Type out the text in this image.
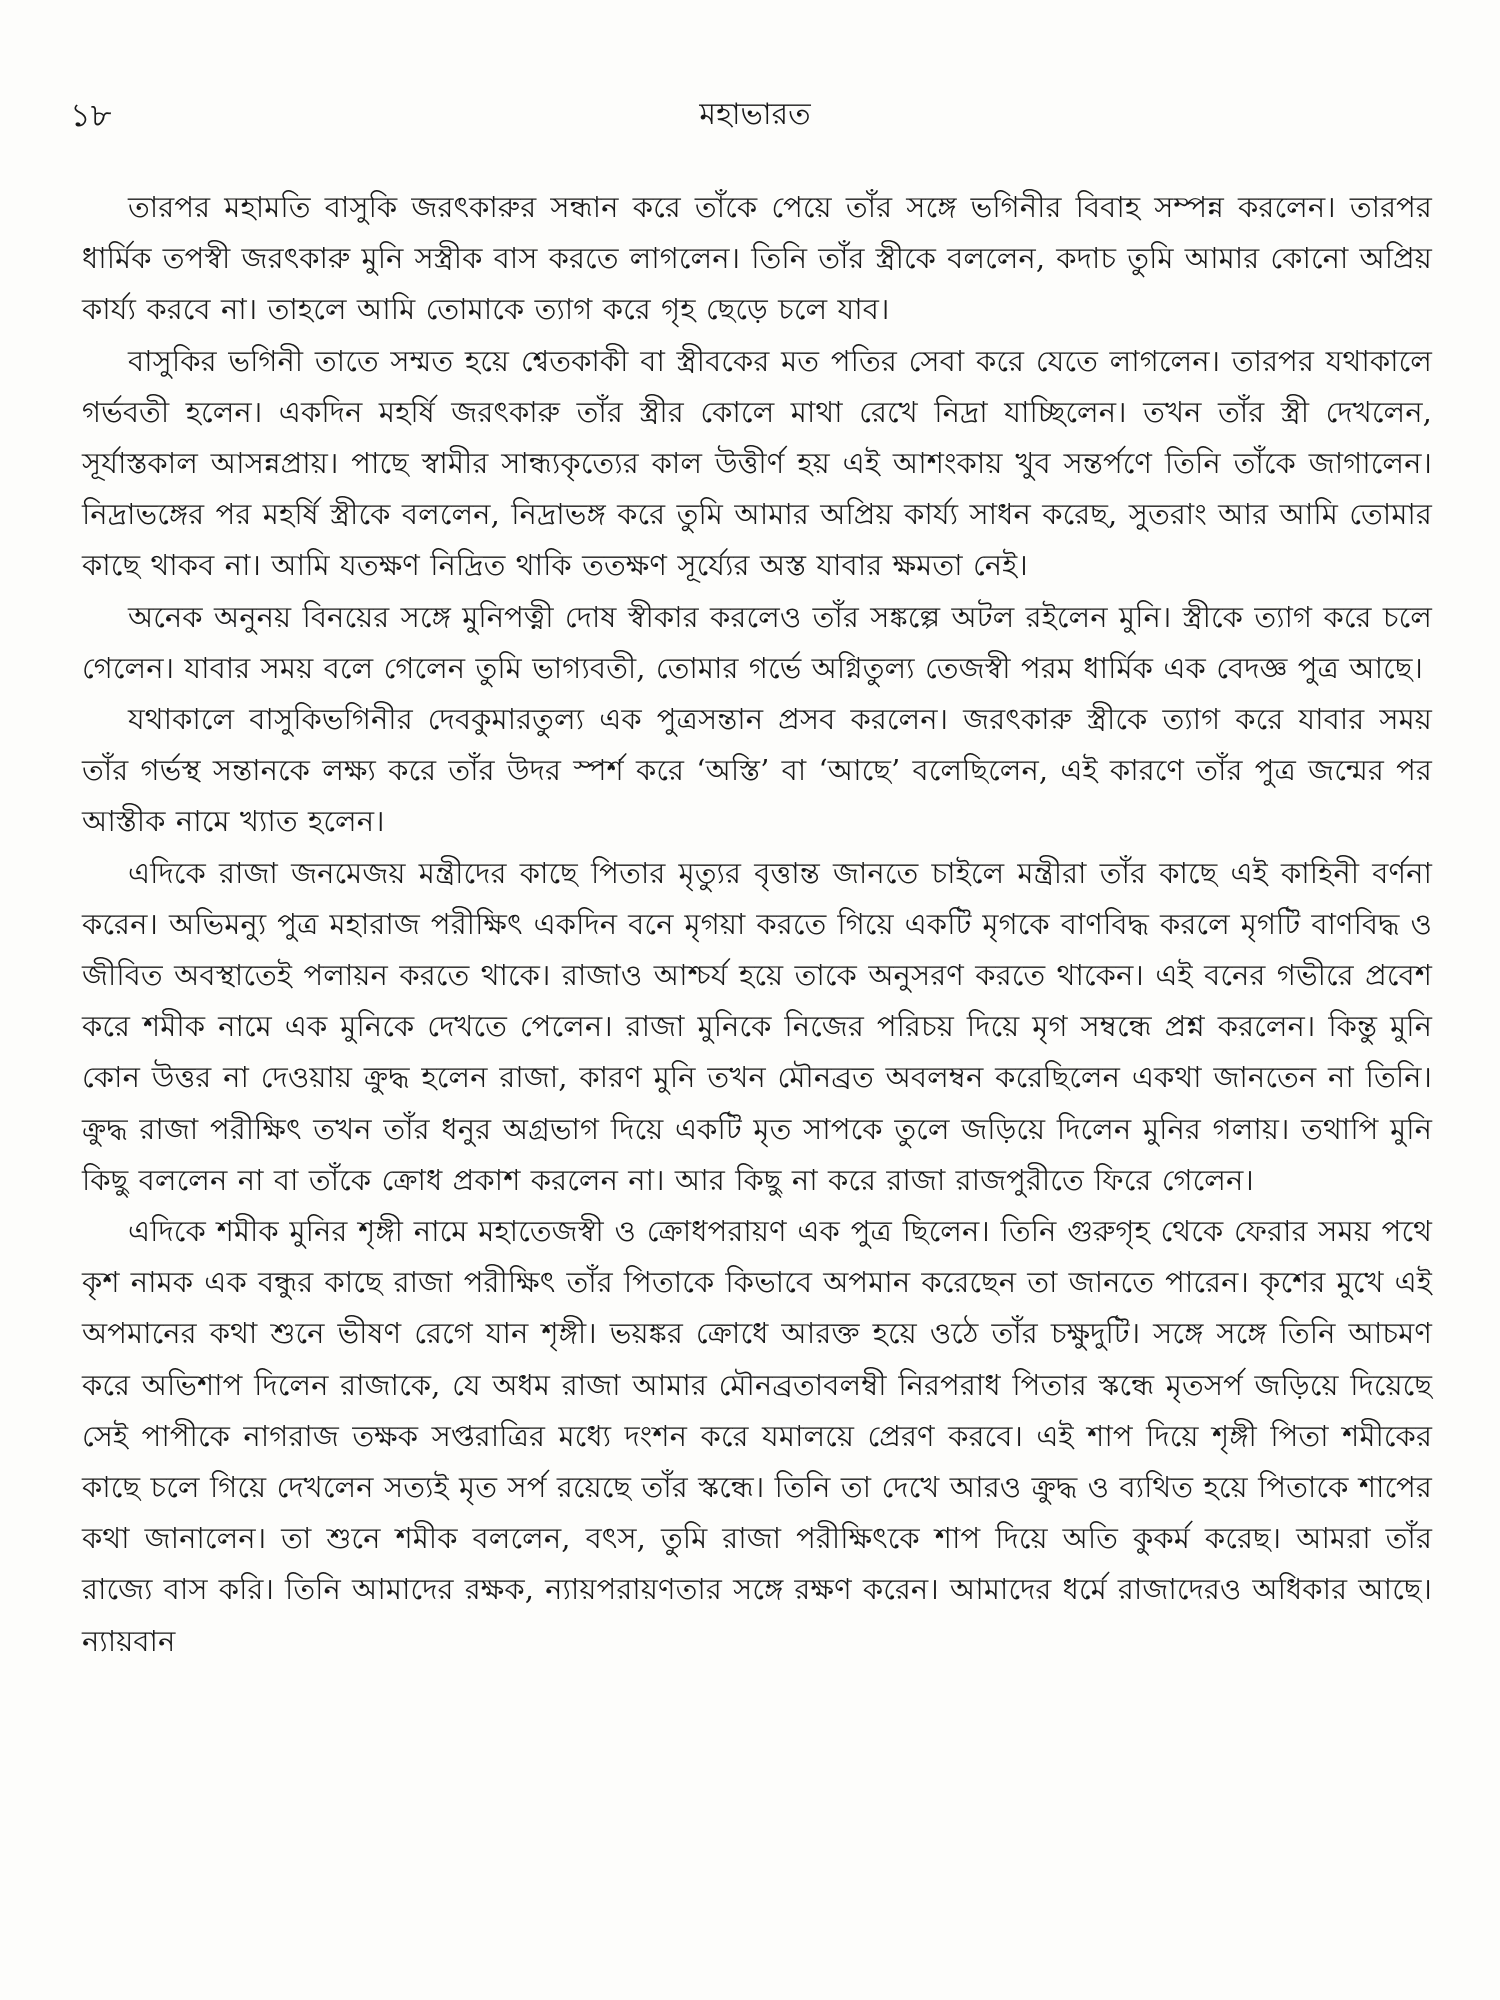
১৮	মহাভারত

তারপর মহামতি বাসুকি জরৎকারুর সন্ধান করে তাঁকে পেয়ে তাঁর সঙ্গে ভগিনীর বিবাহ সম্পন্ন করলেন। তারপর ধার্মিক তপস্বী জরৎকারু মুনি সস্ত্রীক বাস করতে লাগলেন। তিনি তাঁর স্ত্রীকে বললেন, কদাচ তুমি আমার কোনো অপ্রিয় কার্য্য করবে না। তাহলে আমি তোমাকে ত্যাগ করে গৃহ ছেড়ে চলে যাব।

বাসুকির ভগিনী তাতে সম্মত হয়ে শ্বেতকাকী বা স্ত্রীবকের মত পতির সেবা করে যেতে লাগলেন। তারপর যথাকালে গর্ভবতী হলেন। একদিন মহর্ষি জরৎকারু তাঁর স্ত্রীর কোলে মাথা রেখে নিদ্রা যাচ্ছিলেন। তখন তাঁর স্ত্রী দেখলেন, সূর্যাস্তকাল আসন্নপ্রায়। পাছে স্বামীর সান্ধ্যকৃত্যের কাল উত্তীর্ণ হয় এই আশংকায় খুব সন্তর্পণে তিনি তাঁকে জাগালেন। নিদ্রাভঙ্গের পর মহর্ষি স্ত্রীকে বললেন, নিদ্রাভঙ্গ করে তুমি আমার অপ্রিয় কার্য্য সাধন করেছ, সুতরাং আর আমি তোমার কাছে থাকব না। আমি যতক্ষণ নিদ্রিত থাকি ততক্ষণ সূর্য্যের অস্ত যাবার ক্ষমতা নেই।

অনেক অনুনয় বিনয়ের সঙ্গে মুনিপত্নী দোষ স্বীকার করলেও তাঁর সঙ্কল্পে অটল রইলেন মুনি। স্ত্রীকে ত্যাগ করে চলে গেলেন। যাবার সময় বলে গেলেন তুমি ভাগ্যবতী, তোমার গর্ভে অগ্নিতুল্য তেজস্বী পরম ধার্মিক এক বেদজ্ঞ পুত্র আছে।

যথাকালে বাসুকিভগিনীর দেবকুমারতুল্য এক পুত্রসন্তান প্রসব করলেন। জরৎকারু স্ত্রীকে ত্যাগ করে যাবার সময় তাঁর গর্ভস্থ সন্তানকে লক্ষ্য করে তাঁর উদর স্পর্শ করে ‘অস্তি’ বা ‘আছে’ বলেছিলেন, এই কারণে তাঁর পুত্র জন্মের পর আস্তীক নামে খ্যাত হলেন।

এদিকে রাজা জনমেজয় মন্ত্রীদের কাছে পিতার মৃত্যুর বৃত্তান্ত জানতে চাইলে মন্ত্রীরা তাঁর কাছে এই কাহিনী বর্ণনা করেন। অভিমন্যু পুত্র মহারাজ পরীক্ষিৎ একদিন বনে মৃগয়া করতে গিয়ে একটি মৃগকে বাণবিদ্ধ করলে মৃগটি বাণবিদ্ধ ও জীবিত অবস্থাতেই পলায়ন করতে থাকে। রাজাও আশ্চর্য হয়ে তাকে অনুসরণ করতে থাকেন। এই বনের গভীরে প্রবেশ করে শমীক নামে এক মুনিকে দেখতে পেলেন। রাজা মুনিকে নিজের পরিচয় দিয়ে মৃগ সম্বন্ধে প্রশ্ন করলেন। কিন্তু মুনি কোন উত্তর না দেওয়ায় ক্রুদ্ধ হলেন রাজা, কারণ মুনি তখন মৌনব্রত অবলম্বন করেছিলেন একথা জানতেন না তিনি। ক্রুদ্ধ রাজা পরীক্ষিৎ তখন তাঁর ধনুর অগ্রভাগ দিয়ে একটি মৃত সাপকে তুলে জড়িয়ে দিলেন মুনির গলায়। তথাপি মুনি কিছু বললেন না বা তাঁকে ক্রোধ প্রকাশ করলেন না। আর কিছু না করে রাজা রাজপুরীতে ফিরে গেলেন।

এদিকে শমীক মুনির শৃঙ্গী নামে মহাতেজস্বী ও ক্রোধপরায়ণ এক পুত্র ছিলেন। তিনি গুরুগৃহ থেকে ফেরার সময় পথে কৃশ নামক এক বন্ধুর কাছে রাজা পরীক্ষিৎ তাঁর পিতাকে কিভাবে অপমান করেছেন তা জানতে পারেন। কৃশের মুখে এই অপমানের কথা শুনে ভীষণ রেগে যান শৃঙ্গী। ভয়ঙ্কর ক্রোধে আরক্ত হয়ে ওঠে তাঁর চক্ষুদুটি। সঙ্গে সঙ্গে তিনি আচমণ করে অভিশাপ দিলেন রাজাকে, যে অধম রাজা আমার মৌনব্রতাবলম্বী নিরপরাধ পিতার স্কন্ধে মৃতসর্প জড়িয়ে দিয়েছে সেই পাপীকে নাগরাজ তক্ষক সপ্তরাত্রির মধ্যে দংশন করে যমালয়ে প্রেরণ করবে। এই শাপ দিয়ে শৃঙ্গী পিতা শমীকের কাছে চলে গিয়ে দেখলেন সত্যই মৃত সর্প রয়েছে তাঁর স্কন্ধে। তিনি তা দেখে আরও ক্রুদ্ধ ও ব্যথিত হয়ে পিতাকে শাপের কথা জানালেন। তা শুনে শমীক বললেন, বৎস, তুমি রাজা পরীক্ষিৎকে শাপ দিয়ে অতি কুকর্ম করেছ। আমরা তাঁর রাজ্যে বাস করি। তিনি আমাদের রক্ষক, ন্যায়পরায়ণতার সঙ্গে রক্ষণ করেন। আমাদের ধর্মে রাজাদেরও অধিকার আছে। ন্যায়বান
